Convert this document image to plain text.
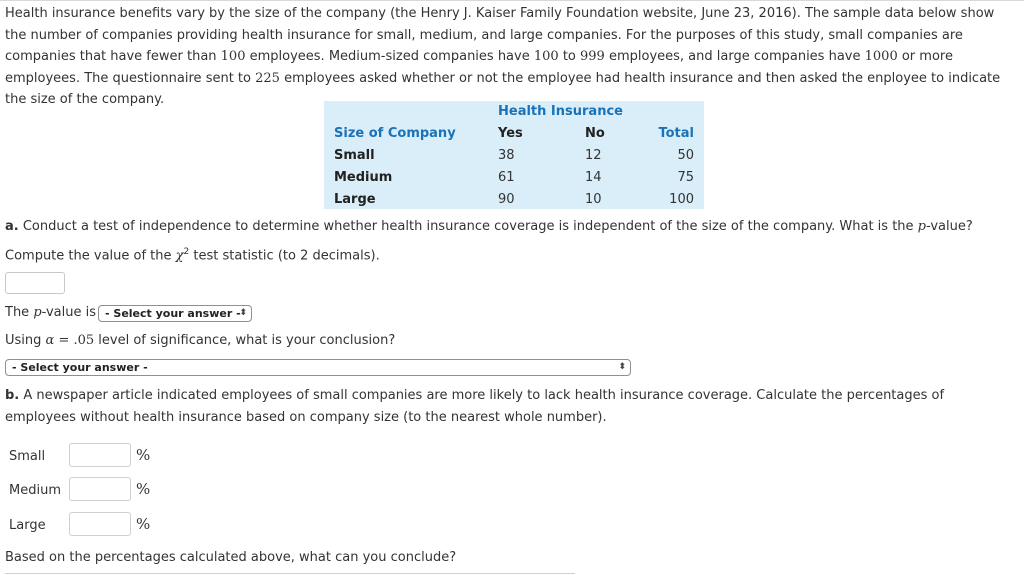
Health insurance benefits vary by the size of the company (the Henry J. Kaiser Family Foundation website, June 23, 2016). The sample data below show the number of companies providing health insurance for small, medium, and large companies. For the purposes of this study, small companies are companies that have fewer than 100 employees. Medium-sized companies have 100 to 999 employees, and large companies have 1000 or more employees. The questionnaire sent to 225 employees asked whether or not the employee had health insurance and then asked the enployee to indicate the size of the company.

Health Insurance
Size of Company	Yes	No	Total
Small	38	12	50
Medium	61	14	75
Large	90	10	100

a. Conduct a test of independence to determine whether health insurance coverage is independent of the size of the company. What is the p-value?

Compute the value of the $\chi^2$ test statistic (to 2 decimals).

The p-value is - Select your answer -
⬍

Using α = .05 level of significance, what is your conclusion?

- Select your answer -	⬍

b. A newspaper article indicated employees of small companies are more likely to lack health insurance coverage. Calculate the percentages of employees without health insurance based on company size (to the nearest whole number).

Small	%
Medium	%
Large	%

Based on the percentages calculated above, what can you conclude?
